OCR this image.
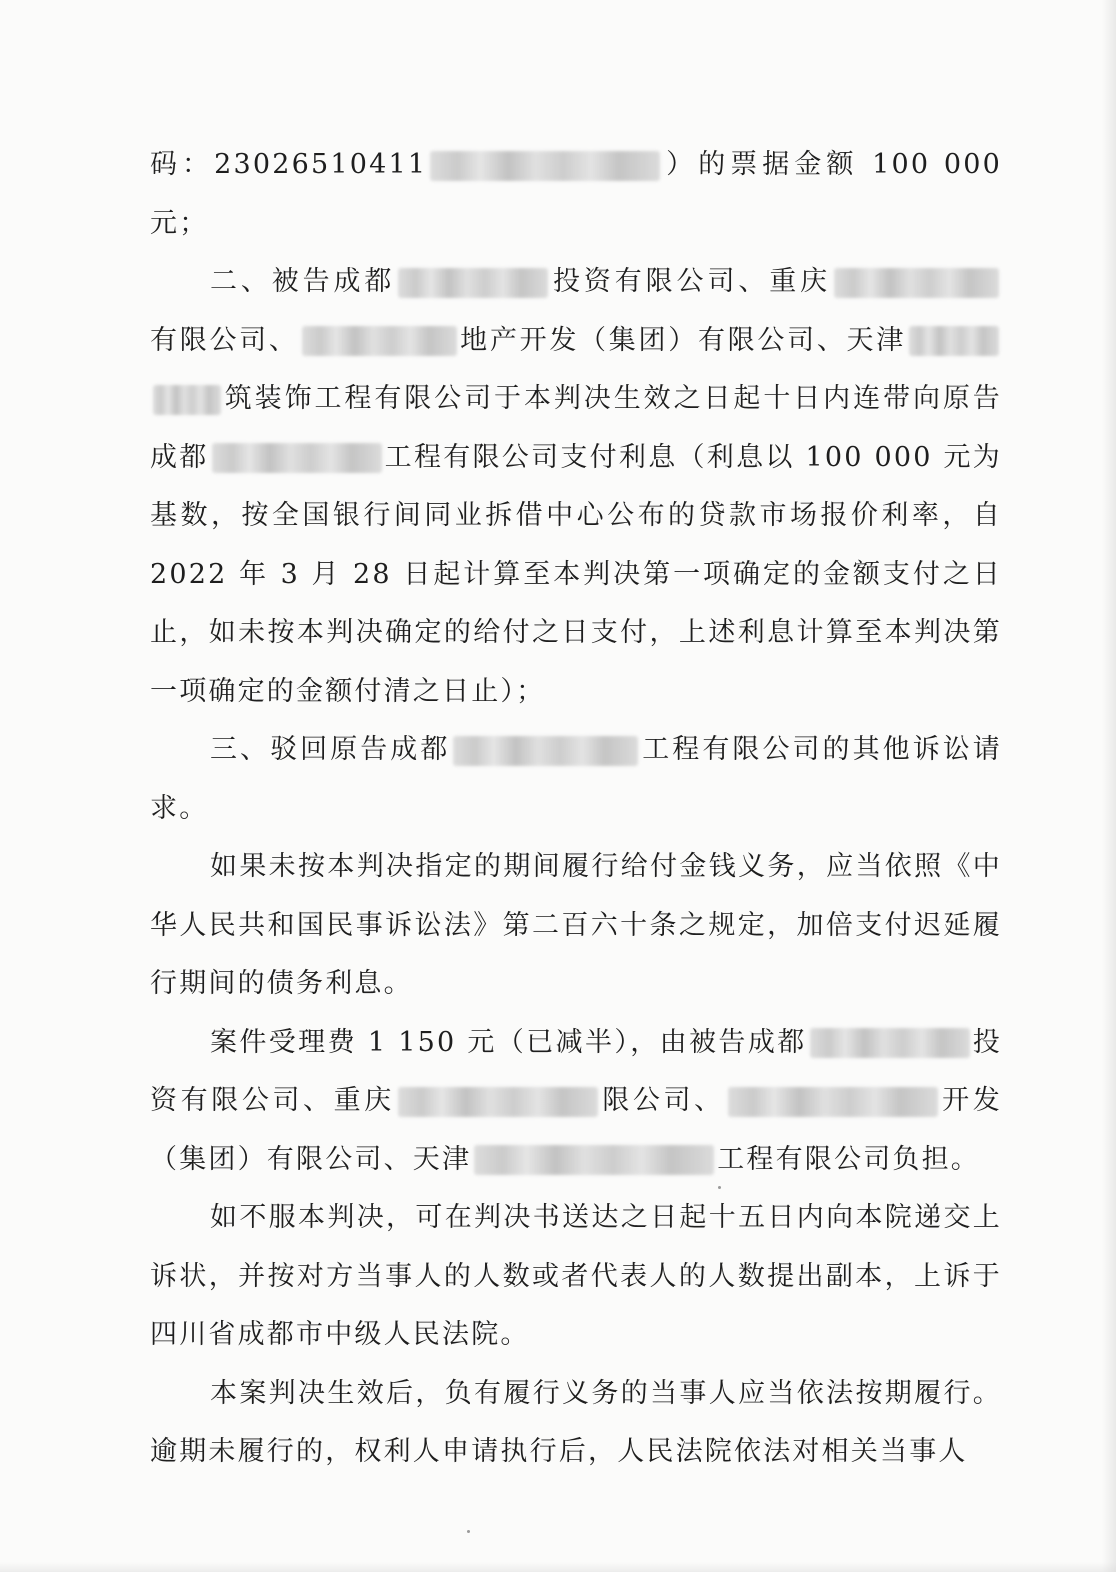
码：23026510411	）的票据金额 100 000 元；

二、被告成都	投资有限公司、重庆有限公司、	地产开发（集团）有限公司、天津筑装饰工程有限公司于本判决生效之日起十日内连带向原告成都	工程有限公司支付利息（利息以 100 000 元为基数，按全国银行间同业拆借中心公布的贷款市场报价利率，自 2022 年 3 月 28 日起计算至本判决第一项确定的金额支付之日止，如未按本判决确定的给付之日支付，上述利息计算至本判决第一项确定的金额付清之日止）；

三、驳回原告成都	工程有限公司的其他诉讼请求。

如果未按本判决指定的期间履行给付金钱义务，应当依照《中华人民共和国民事诉讼法》第二百六十条之规定，加倍支付迟延履行期间的债务利息。

案件受理费 1 150 元（已减半），由被告成都	投资有限公司、重庆	限公司、	开发（集团）有限公司、天津	工程有限公司负担。

如不服本判决，可在判决书送达之日起十五日内向本院递交上诉状，并按对方当事人的人数或者代表人的人数提出副本，上诉于四川省成都市中级人民法院。

本案判决生效后，负有履行义务的当事人应当依法按期履行。逾期未履行的，权利人申请执行后，人民法院依法对相关当事人
